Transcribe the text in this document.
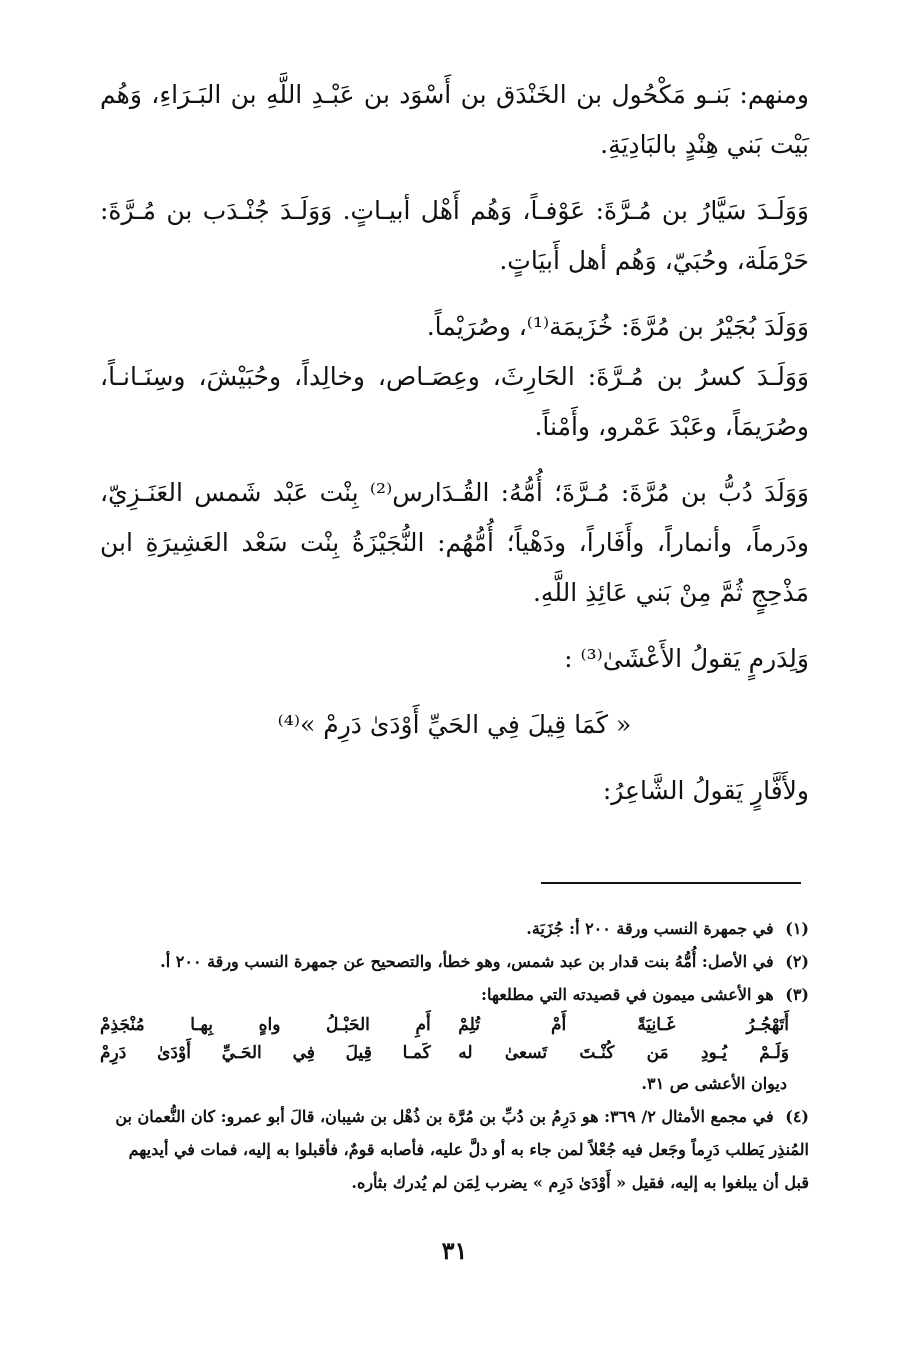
ومنهم: بَنـو مَكْحُول بن الخَنْدَق بن أَسْوَد بن عَبْـدِ اللَّهِ بن البَـرَاءِ، وَهُم بَيْت بَني هِنْدٍ بالبَادِيَةِ.

وَوَلَـدَ سَيَّارُ بن مُـرَّةَ: عَوْفـاً، وَهُم أَهْل أبيـاتٍ. وَوَلَـدَ جُنْـدَب بن مُـرَّةَ: حَرْمَلَة، وحُبَيّ، وَهُم أهل أَبيَاتٍ.

وَوَلَدَ بُجَيْرُ بن مُرَّةَ: خُزَيمَة⁽¹⁾، وصُرَيْماً.

وَوَلَـدَ كسرُ بن مُـرَّةَ: الحَارِثَ، وعِصَـاص، وخالِداً، وحُبَيْشَ، وسِنَـانـاً، وصُرَيمَاً، وعَبْدَ عَمْرو، وأَمْناً.

وَوَلَدَ دُبُّ بن مُرَّةَ: مُـرَّةَ؛ أُمُّهُ: القُـدَارس⁽²⁾ بِنْت عَبْد شَمس العَنَـزِيّ، ودَرماً، وأنماراً، وأَفَاراً، ودَهْياً؛ أُمُّهُم: النُّجَيْزَةُ بِنْت سَعْد العَشِيرَةِ ابن مَذْحِجٍ ثُمَّ مِنْ بَني عَائِذِ اللَّهِ.

وَلِدَرمٍ يَقولُ الأَعْشَىٰ⁽³⁾ :

« كَمَا قِيلَ فِي الحَيِّ أَوْدَىٰ دَرِمْ »⁽⁴⁾

ولأَفَّارٍ يَقولُ الشَّاعِرُ:

(١) في جمهرة النسب ورقة ٢٠٠ أ: جُزَيَة.

(٢) في الأصل: أُمُّهُ بنت قدار بن عبد شمس، وهو خطأ، والتصحيح عن جمهرة النسب ورقة ٢٠٠ أ.

(٣) هو الأعشى ميمون في قصيدته التي مطلعها:

أَتَهْجُـرُ غَـانِيَةً أَمْ تُلِمْ
أَمِ الحَبْـلُ واهٍ بِهـا مُنْجَذِمْ
وَلَـمْ يُـودِ مَن كُنْـتَ تَسعىٰ له
كَمـا قِيلَ فِي الحَـيِّ أَوْدَىٰ دَرِمْ

ديوان الأعشى ص ٣١.

(٤) في مجمع الأمثال ٢/ ٣٦٩: هو دَرِمُ بن دُبِّ بن مُرَّة بن ذُهْل بن شيبان، قالَ أبو عمرو: كان النُّعمان بن المُنذِر يَطلب دَرِماً وجَعل فيه جُعْلاً لمن جاء به أو دلَّ عليه، فأصابه قومٌ، فأقبلوا به إليه، فمات في أيديهم قبل أن يبلغوا به إليه، فقيل « أَوْدَىٰ دَرِم » يضرب لِمَن لم يُدرك بثأره.

٣١
